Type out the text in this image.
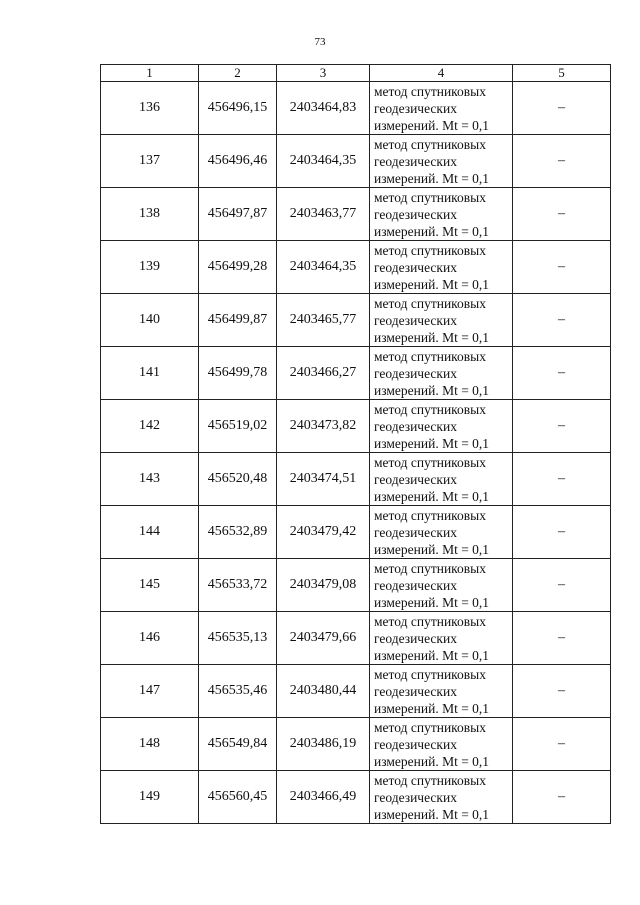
73
1	2	3	4	5
136	456496,15	2403464,83	метод спутниковых
геодезических
измерений. Mt = 0,1	–
137	456496,46	2403464,35	метод спутниковых
геодезических
измерений. Mt = 0,1	–
138	456497,87	2403463,77	метод спутниковых
геодезических
измерений. Mt = 0,1	–
139	456499,28	2403464,35	метод спутниковых
геодезических
измерений. Mt = 0,1	–
140	456499,87	2403465,77	метод спутниковых
геодезических
измерений. Mt = 0,1	–
141	456499,78	2403466,27	метод спутниковых
геодезических
измерений. Mt = 0,1	–
142	456519,02	2403473,82	метод спутниковых
геодезических
измерений. Mt = 0,1	–
143	456520,48	2403474,51	метод спутниковых
геодезических
измерений. Mt = 0,1	–
144	456532,89	2403479,42	метод спутниковых
геодезических
измерений. Mt = 0,1	–
145	456533,72	2403479,08	метод спутниковых
геодезических
измерений. Mt = 0,1	–
146	456535,13	2403479,66	метод спутниковых
геодезических
измерений. Mt = 0,1	–
147	456535,46	2403480,44	метод спутниковых
геодезических
измерений. Mt = 0,1	–
148	456549,84	2403486,19	метод спутниковых
геодезических
измерений. Mt = 0,1	–
149	456560,45	2403466,49	метод спутниковых
геодезических
измерений. Mt = 0,1	–
